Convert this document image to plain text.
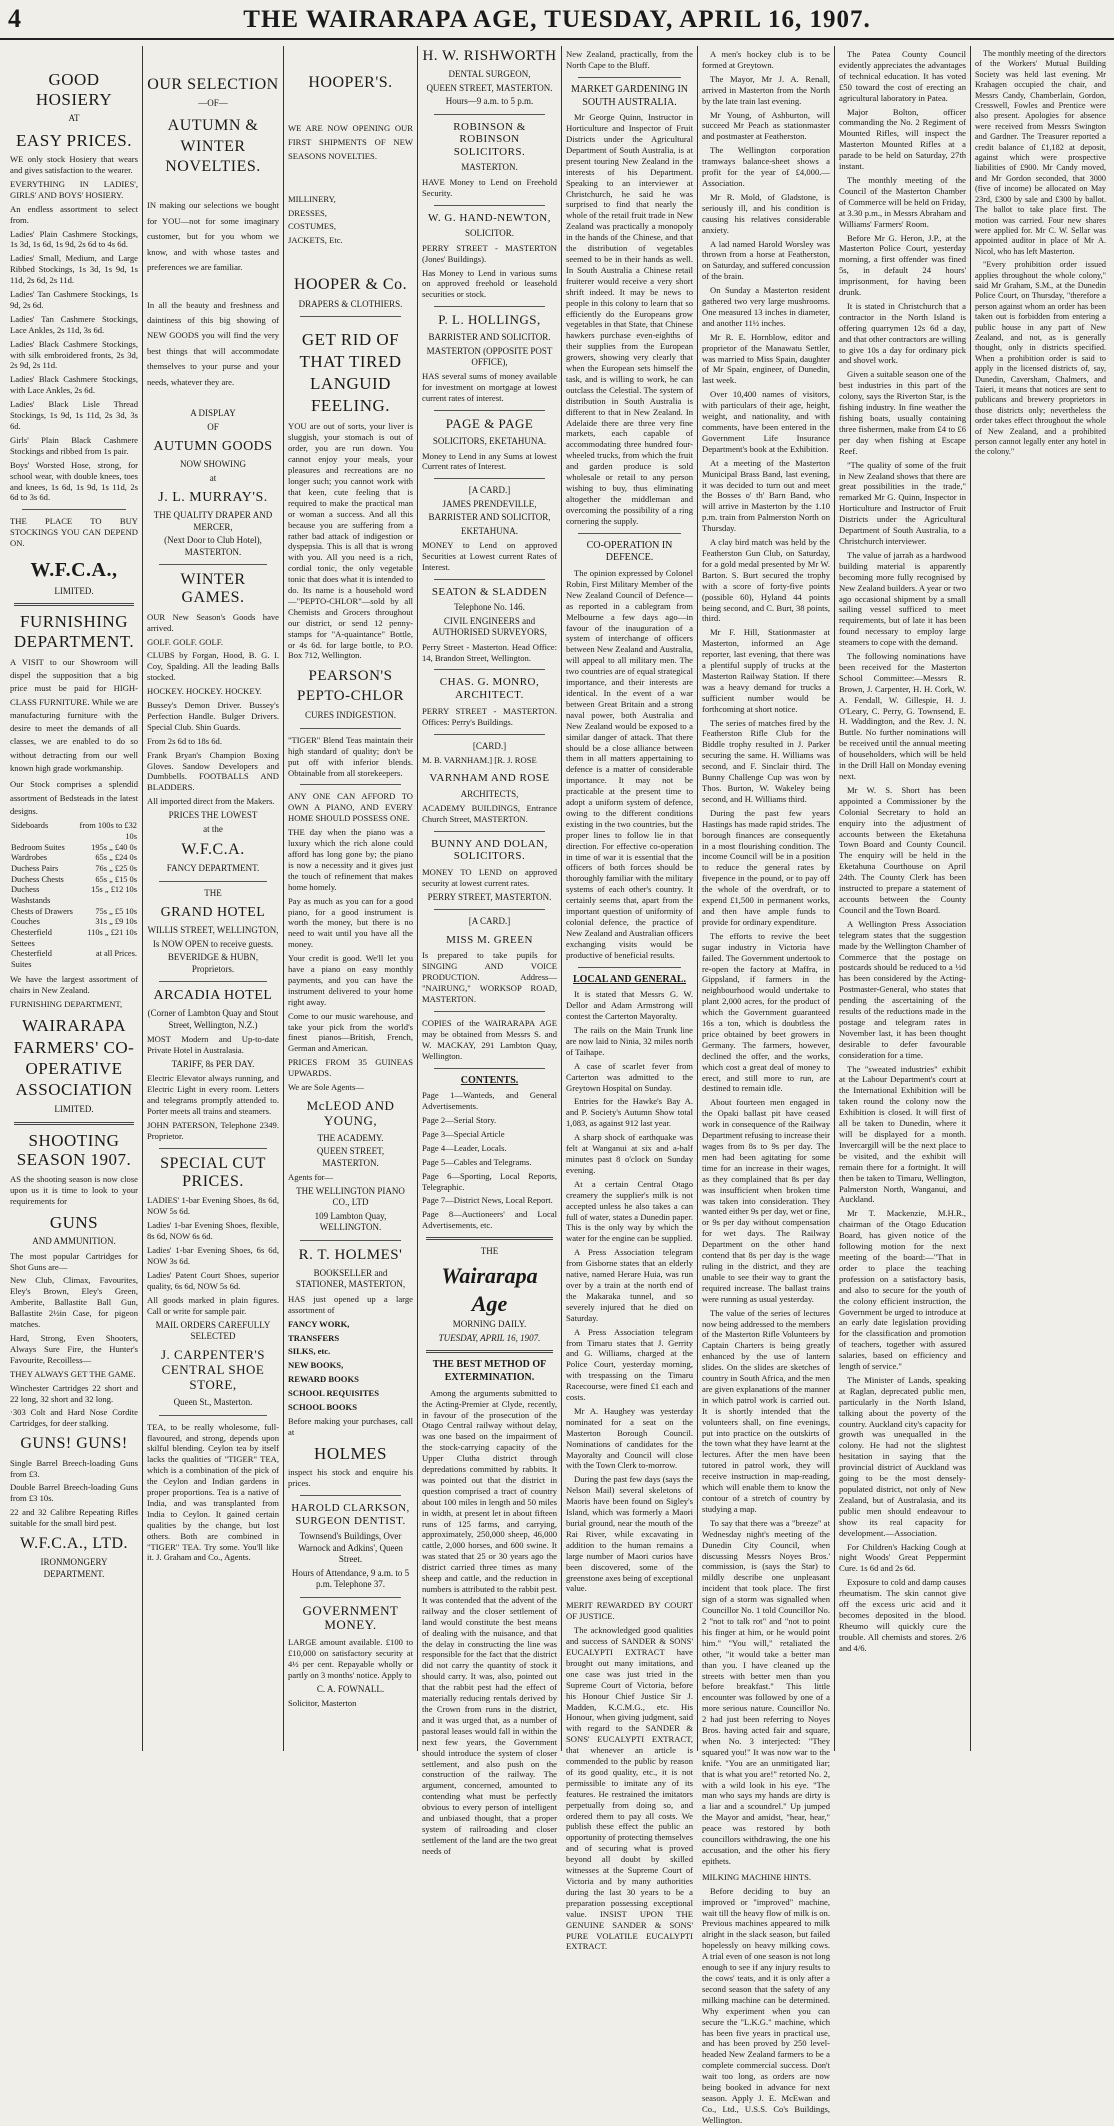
4	THE WAIRARAPA AGE, TUESDAY, APRIL 16, 1907.
GOOD HOSIERY
AT
EASY PRICES.
WE only stock Hosiery that wears and gives satisfaction to the wearer.
EVERYTHING IN LADIES', GIRLS' AND BOYS' HOSIERY.
An endless assortment to select from.
Ladies' Plain Cashmere Stockings, 1s 3d, 1s 6d, 1s 9d, 2s 6d to 4s 6d.
Ladies' Small, Medium, and Large Ribbed Stockings, 1s 3d, 1s 9d, 1s 11d, 2s 6d, 2s 11d.
Ladies' Tan Cashmere Stockings, 1s 9d, 2s 6d.
Ladies' Tan Cashmere Stockings, Lace Ankles, 2s 11d, 3s 6d.
Ladies' Black Cashmere Stockings, with silk embroidered fronts, 2s 3d, 2s 9d, 2s 11d.
Ladies' Black Cashmere Stockings, with Lace Ankles, 2s 6d.
Ladies' Black Lisle Thread Stockings, 1s 9d, 1s 11d, 2s 3d, 3s 6d.
Girls' Plain Black Cashmere Stockings and ribbed from 1s pair.
Boys' Worsted Hose, strong, for school wear, with double knees, toes and knees, 1s 6d, 1s 9d, 1s 11d, 2s 6d to 3s 6d.
THE PLACE TO BUY STOCKINGS YOU CAN DEPEND ON.
W.F.C.A.,
LIMITED.
FURNISHING DEPARTMENT.
A VISIT to our Showroom will dispel the supposition that a big price must be paid for HIGH-CLASS FURNITURE. While we are manufacturing furniture with the desire to meet the demands of all classes, we are enabled to do so without detracting from our well known high grade workmanship.
Our Stock comprises a splendid assortment of Bedsteads in the latest designs.
Sideboards	from 100s to £32 10s
Bedroom Suites	195s „ £40 0s
Wardrobes	65s „ £24 0s
Duchess Pairs	76s „ £25 0s
Duchess Chests	65s „ £15 0s
Duchess Washstands	15s „ £12 10s
Chests of Drawers	75s „ £5 10s
Couches	31s „ £9 10s
Chesterfield Settees	110s „ £21 10s
Chesterfield Suites	at all Prices.
We have the largest assortment of chairs in New Zealand.
FURNISHING DEPARTMENT,
WAIRARAPA FARMERS' CO-OPERATIVE ASSOCIATION
LIMITED.
SHOOTING SEASON 1907.
AS the shooting season is now close upon us it is time to look to your requirements for
GUNS
AND AMMUNITION.
The most popular Cartridges for Shot Guns are—
New Club, Climax, Favourites, Eley's Brown, Eley's Green, Amberite, Ballastite Ball Gun, Ballastite 2½in Case, for pigeon matches.
Hard, Strong, Even Shooters, Always Sure Fire, the Hunter's Favourite, Recoilless—
THEY ALWAYS GET THE GAME.
Winchester Cartridges 22 short and 22 long, 32 short and 32 long.
·303 Colt and Hard Nose Cordite Cartridges, for deer stalking.
GUNS! GUNS!
Single Barrel Breech-loading Guns from £3.
Double Barrel Breech-loading Guns from £3 10s.
22 and 32 Calibre Repeating Rifles suitable for the small bird pest.
W.F.C.A., LTD.
IRONMONGERY DEPARTMENT.
OUR SELECTION
—OF—
AUTUMN & WINTER NOVELTIES.
IN making our selections we bought for YOU—not for some imaginary customer, but for you whom we know, and with whose tastes and preferences we are familiar.
In all the beauty and freshness and daintiness of this big showing of NEW GOODS you will find the very best things that will accommodate themselves to your purse and your needs, whatever they are.
A DISPLAY
OF
AUTUMN GOODS
NOW SHOWING
at
J. L. MURRAY'S.
THE QUALITY DRAPER AND MERCER,
(Next Door to Club Hotel), MASTERTON.
WINTER GAMES.
OUR New Season's Goods have arrived.
GOLF. GOLF. GOLF.
CLUBS by Forgan, Hood, B. G. I. Coy, Spalding. All the leading Balls stocked.
HOCKEY. HOCKEY. HOCKEY.
Bussey's Demon Driver. Bussey's Perfection Handle. Bulger Drivers. Special Club. Shin Guards.
From 2s 6d to 18s 6d.
Frank Bryan's Champion Boxing Gloves. Sandow Developers and Dumbbells. FOOTBALLS AND BLADDERS.
All imported direct from the Makers.
PRICES THE LOWEST
at the
W.F.C.A.
FANCY DEPARTMENT.
THE
GRAND HOTEL
WILLIS STREET, WELLINGTON,
Is NOW OPEN to receive guests.
BEVERIDGE & HUBN, Proprietors.
ARCADIA HOTEL
(Corner of Lambton Quay and Stout Street, Wellington, N.Z.)
MOST Modern and Up-to-date Private Hotel in Australasia.
TARIFF, 8s PER DAY.
Electric Elevator always running, and Electric Light in every room. Letters and telegrams promptly attended to. Porter meets all trains and steamers.
JOHN PATERSON, Telephone 2349. Proprietor.
SPECIAL CUT PRICES.
LADIES' 1-bar Evening Shoes, 8s 6d, NOW 5s 6d.
Ladies' 1-bar Evening Shoes, flexible, 8s 6d, NOW 6s 6d.
Ladies' 1-bar Evening Shoes, 6s 6d, NOW 3s 6d.
Ladies' Patent Court Shoes, superior quality, 6s 6d, NOW 5s 6d.
All goods marked in plain figures. Call or write for sample pair.
MAIL ORDERS CAREFULLY SELECTED
J. CARPENTER'S CENTRAL SHOE STORE,
Queen St., Masterton.
TEA, to be really wholesome, full-flavoured, and strong, depends upon skilful blending. Ceylon tea by itself lacks the qualities of "TIGER" TEA, which is a combination of the pick of the Ceylon and Indian gardens in proper proportions. Tea is a native of India, and was transplanted from India to Ceylon. It gained certain qualities by the change, but lost others. Both are combined in "TIGER" TEA. Try some. You'll like it. J. Graham and Co., Agents.
HOOPER'S.
WE ARE NOW OPENING OUR FIRST SHIPMENTS OF NEW SEASONS NOVELTIES.
MILLINERY,
DRESSES,
COSTUMES,
JACKETS, Etc.
HOOPER & Co.
DRAPERS & CLOTHIERS.
GET RID OF THAT TIRED LANGUID FEELING.
YOU are out of sorts, your liver is sluggish, your stomach is out of order, you are run down. You cannot enjoy your meals, your pleasures and recreations are no longer such; you cannot work with that keen, cute feeling that is required to make the practical man or woman a success. And all this because you are suffering from a rather bad attack of indigestion or dyspepsia. This is all that is wrong with you. All you need is a rich, cordial tonic, the only vegetable tonic that does what it is intended to do. Its name is a household word—"PEPTO-CHLOR"—sold by all Chemists and Grocers throughout our district, or send 12 penny-stamps for "A-quaintance" Bottle, or 4s 6d. for large bottle, to P.O. Box 712, Wellington.
PEARSON'S PEPTO-CHLOR
CURES INDIGESTION.
"TIGER" Blend Teas maintain their high standard of quality; don't be put off with inferior blends. Obtainable from all storekeepers.
ANY ONE CAN AFFORD TO OWN A PIANO, AND EVERY HOME SHOULD POSSESS ONE.
THE day when the piano was a luxury which the rich alone could afford has long gone by; the piano is now a necessity and it gives just the touch of refinement that makes home homely.
Pay as much as you can for a good piano, for a good instrument is worth the money, but there is no need to wait until you have all the money.
Your credit is good. We'll let you have a piano on easy monthly payments, and you can have the instrument delivered to your home right away.
Come to our music warehouse, and take your pick from the world's finest pianos—British, French, German and American.
PRICES FROM 35 GUINEAS UPWARDS.
We are Sole Agents—
McLEOD AND YOUNG,
THE ACADEMY.
QUEEN STREET, MASTERTON.
Agents for—
THE WELLINGTON PIANO CO., LTD
109 Lambton Quay, WELLINGTON.
R. T. HOLMES'
BOOKSELLER and STATIONER, MASTERTON,
HAS just opened up a large assortment of
FANCY WORK,
TRANSFERS
SILKS, etc.
NEW BOOKS,
REWARD BOOKS
SCHOOL REQUISITES
SCHOOL BOOKS
Before making your purchases, call at
HOLMES
inspect his stock and enquire his prices.
HAROLD CLARKSON, SURGEON DENTIST.
Townsend's Buildings, Over Warnock and Adkins', Queen Street.
Hours of Attendance, 9 a.m. to 5 p.m. Telephone 37.
GOVERNMENT MONEY.
LARGE amount available. £100 to £10,000 on satisfactory security at 4½ per cent. Repayable wholly or partly on 3 months' notice. Apply to
C. A. FOWNALL.
Solicitor, Masterton
H. W. RISHWORTH
DENTAL SURGEON,
QUEEN STREET, MASTERTON.
Hours—9 a.m. to 5 p.m.
ROBINSON & ROBINSON SOLICITORS.
MASTERTON.
HAVE Money to Lend on Freehold Security.
W. G. HAND-NEWTON,
SOLICITOR.
PERRY STREET - MASTERTON (Jones' Buildings).
Has Money to Lend in various sums on approved freehold or leasehold securities or stock.
P. L. HOLLINGS,
BARRISTER AND SOLICITOR.
MASTERTON (OPPOSITE POST OFFICE),
HAS several sums of money available for investment on mortgage at lowest current rates of interest.
PAGE & PAGE
SOLICITORS, EKETAHUNA.
Money to Lend in any Sums at lowest Current rates of Interest.
[A CARD.]
JAMES PRENDEVILLE,
BARRISTER AND SOLICITOR,
EKETAHUNA.
MONEY to Lend on approved Securities at Lowest current Rates of Interest.
SEATON & SLADDEN
Telephone No. 146.
CIVIL ENGINEERS and AUTHORISED SURVEYORS,
Perry Street - Masterton. Head Office: 14, Brandon Street, Wellington.
CHAS. G. MONRO, ARCHITECT.
PERRY STREET - MASTERTON. Offices: Perry's Buildings.
[CARD.]
M. B. VARNHAM.] [R. J. ROSE
VARNHAM AND ROSE
ARCHITECTS,
ACADEMY BUILDINGS, Entrance Church Street, MASTERTON.
BUNNY AND DOLAN, SOLICITORS.
MONEY TO LEND on approved security at lowest current rates.
PERRY STREET, MASTERTON.
[A CARD.]
MISS M. GREEN
Is prepared to take pupils for SINGING AND VOICE PRODUCTION. Address— "NAIRUNG," WORKSOP ROAD, MASTERTON.
COPIES of the WAIRARAPA AGE may be obtained from Messrs S. and W. MACKAY, 291 Lambton Quay, Wellington.
CONTENTS.
Page 1—Wanteds, and General Advertisements.
Page 2—Serial Story.
Page 3—Special Article
Page 4—Leader, Locals.
Page 5—Cables and Telegrams.
Page 6—Sporting, Local Reports, Telegraphic.
Page 7—District News, Local Report.
Page 8—Auctioneers' and Local Advertisements, etc.
THE
Wairarapa Age
MORNING DAILY.
TUESDAY, APRIL 16, 1907.
THE BEST METHOD OF EXTERMINATION.
Among the arguments submitted to the Acting-Premier at Clyde, recently, in favour of the prosecution of the Otago Central railway without delay, was one based on the impairment of the stock-carrying capacity of the Upper Clutha district through depredations committed by rabbits. It was pointed out that the district in question comprised a tract of country about 100 miles in length and 50 miles in width, at present let in about fifteen runs of 125 farms, and carrying, approximately, 250,000 sheep, 46,000 cattle, 2,000 horses, and 600 swine. It was stated that 25 or 30 years ago the district carried three times as many sheep and cattle, and the reduction in numbers is attributed to the rabbit pest. It was contended that the advent of the railway and the closer settlement of land would constitute the best means of dealing with the nuisance, and that the delay in constructing the line was responsible for the fact that the district did not carry the quantity of stock it should carry. It was, also, pointed out that the rabbit pest had the effect of materially reducing rentals derived by the Crown from runs in the district, and it was urged that, as a number of pastoral leases would fall in within the next few years, the Government should introduce the system of closer settlement, and also push on the construction of the railway. The argument, concerned, amounted to contending what must be perfectly obvious to every person of intelligent and unbiased thought, that a proper system of railroading and closer settlement of the land are the two great needs of
New Zealand, practically, from the North Cape to the Bluff.
MARKET GARDENING IN SOUTH AUSTRALIA.
Mr George Quinn, Instructor in Horticulture and Inspector of Fruit Districts under the Agricultural Department of South Australia, is at present touring New Zealand in the interests of his Department. Speaking to an interviewer at Christchurch, he said he was surprised to find that nearly the whole of the retail fruit trade in New Zealand was practically a monopoly in the hands of the Chinese, and that the distribution of vegetables seemed to be in their hands as well. In South Australia a Chinese retail fruiterer would receive a very short shrift indeed. It may be news to people in this colony to learn that so efficiently do the Europeans grow vegetables in that State, that Chinese hawkers purchase even-eighths of their supplies from the European growers, showing very clearly that when the European sets himself the task, and is willing to work, he can outclass the Celestial. The system of distribution in South Australia is different to that in New Zealand. In Adelaide there are three very fine markets, each capable of accommodating three hundred four-wheeled trucks, from which the fruit and garden produce is sold wholesale or retail to any person wishing to buy, thus eliminating altogether the middleman and overcoming the possibility of a ring cornering the supply.
CO-OPERATION IN DEFENCE.
The opinion expressed by Colonel Robin, First Military Member of the New Zealand Council of Defence—as reported in a cablegram from Melbourne a few days ago—in favour of the inauguration of a system of interchange of officers between New Zealand and Australia, will appeal to all military men. The two countries are of equal strategical importance, and their interests are identical. In the event of a war between Great Britain and a strong naval power, both Australia and New Zealand would be exposed to a similar danger of attack. That there should be a close alliance between them in all matters appertaining to defence is a matter of considerable importance. It may not be practicable at the present time to adopt a uniform system of defence, owing to the different conditions existing in the two countries, but the proper lines to follow lie in that direction. For effective co-operation in time of war it is essential that the officers of both forces should be thoroughly familiar with the military systems of each other's country. It certainly seems that, apart from the important question of uniformity of colonial defence, the practice of New Zealand and Australian officers exchanging visits would be productive of beneficial results.
LOCAL AND GENERAL.
It is stated that Messrs G. W. Dellor and Adam Armstrong will contest the Carterton Mayoralty.
The rails on the Main Trunk line are now laid to Ninia, 32 miles north of Taihape.
A case of scarlet fever from Carterton was admitted to the Greytown Hospital on Sunday.
Entries for the Hawke's Bay A. and P. Society's Autumn Show total 1,083, as against 912 last year.
A sharp shock of earthquake was felt at Wanganui at six and a-half minutes past 8 o'clock on Sunday evening.
At a certain Central Otago creamery the supplier's milk is not accepted unless he also takes a can full of water, states a Dunedin paper. This is the only way by which the water for the engine can be supplied.
A Press Association telegram from Gisborne states that an elderly native, named Herare Huia, was run over by a train at the north end of the Makaraka tunnel, and so severely injured that he died on Saturday.
A Press Association telegram from Timaru states that J. Gerrity and G. Williams, charged at the Police Court, yesterday morning, with trespassing on the Timaru Racecourse, were fined £1 each and costs.
Mr A. Haughey was yesterday nominated for a seat on the Masterton Borough Council. Nominations of candidates for the Mayoralty and Council will close with the Town Clerk to-morrow.
During the past few days (says the Nelson Mail) several skeletons of Maoris have been found on Sigley's Island, which was formerly a Maori burial ground, near the mouth of the Rai River, while excavating in addition to the human remains a large number of Maori curios have been discovered, some of the greenstone axes being of exceptional value.
MERIT REWARDED BY COURT OF JUSTICE.
The acknowledged good qualities and success of SANDER & SONS' EUCALYPTI EXTRACT have brought out many imitations, and one case was just tried in the Supreme Court of Victoria, before his Honour Chief Justice Sir J. Madden, K.C.M.G., etc. His Honour, when giving judgment, said with regard to the SANDER & SONS' EUCALYPTI EXTRACT, that whenever an article is commended to the public by reason of its good quality, etc., it is not permissible to imitate any of its features. He restrained the imitators perpetually from doing so, and ordered them to pay all costs. We publish these effect the public an opportunity of protecting themselves and of securing what is proved beyond all doubt by skilled witnesses at the Supreme Court of Victoria and by many authorities during the last 30 years to be a preparation possessing exceptional value. INSIST UPON THE GENUINE SANDER & SONS' PURE VOLATILE EUCALYPTI EXTRACT.
A men's hockey club is to be formed at Greytown.
The Mayor, Mr J. A. Renall, arrived in Masterton from the North by the late train last evening.
Mr Young, of Ashburton, will succeed Mr Peach as stationmaster and postmaster at Featherston.
The Wellington corporation tramways balance-sheet shows a profit for the year of £4,000.—Association.
Mr R. Mold, of Gladstone, is seriously ill, and his condition is causing his relatives considerable anxiety.
A lad named Harold Worsley was thrown from a horse at Featherston, on Saturday, and suffered concussion of the brain.
On Sunday a Masterton resident gathered two very large mushrooms. One measured 13 inches in diameter, and another 11½ inches.
Mr R. E. Hornblow, editor and proprietor of the Manawatu Settler, was married to Miss Spain, daughter of Mr Spain, engineer, of Dunedin, last week.
Over 10,400 names of visitors, with particulars of their age, height, weight, and nationality, and with comments, have been entered in the Government Life Insurance Department's book at the Exhibition.
At a meeting of the Masterton Municipal Brass Band, last evening, it was decided to turn out and meet the Bosses o' th' Barn Band, who will arrive in Masterton by the 1.10 p.m. train from Palmerston North on Thursday.
A clay bird match was held by the Featherston Gun Club, on Saturday, for a gold medal presented by Mr W. Barton. S. Burt secured the trophy with a score of forty-five points (possible 60), Hyland 44 points being second, and C. Burt, 38 points, third.
Mr F. Hill, Stationmaster at Masterton, informed an Age reporter, last evening, that there was a plentiful supply of trucks at the Masterton Railway Station. If there was a heavy demand for trucks a sufficient number would be forthcoming at short notice.
The series of matches fired by the Featherston Rifle Club for the Biddle trophy resulted in J. Parker securing the same. H. Williams was second, and F. Sinclair third. The Bunny Challenge Cup was won by Thos. Burton, W. Wakeley being second, and H. Williams third.
During the past few years Hastings has made rapid strides. The borough finances are consequently in a most flourishing condition. The income Council will be in a position to reduce the general rates by fivepence in the pound, or to pay off the whole of the overdraft, or to expend £1,500 in permanent works, and then have ample funds to provide for ordinary expenditure.
The efforts to revive the beet sugar industry in Victoria have failed. The Government undertook to re-open the factory at Maffra, in Gippsland, if farmers in the neighbourhood would undertake to plant 2,000 acres, for the product of which the Government guaranteed 16s a ton, which is doubtless the price obtained by beet growers in Germany. The farmers, however, declined the offer, and the works, which cost a great deal of money to erect, and still more to run, are destined to remain idle.
About fourteen men engaged in the Opaki ballast pit have ceased work in consequence of the Railway Department refusing to increase their wages from 8s to 9s per day. The men had been agitating for some time for an increase in their wages, as they complained that 8s per day was insufficient when broken time was taken into consideration. They wanted either 9s per day, wet or fine, or 9s per day without compensation for wet days. The Railway Department on the other hand contend that 8s per day is the wage ruling in the district, and they are unable to see their way to grant the required increase. The ballast trains were running as usual yesterday.
The value of the series of lectures now being addressed to the members of the Masterton Rifle Volunteers by Captain Charters is being greatly enhanced by the use of lantern slides. On the slides are sketches of country in South Africa, and the men are given explanations of the manner in which patrol work is carried out. It is shortly intended that the volunteers shall, on fine evenings, put into practice on the outskirts of the town what they have learnt at the lectures. After the men have been tutored in patrol work, they will receive instruction in map-reading, which will enable them to know the contour of a stretch of country by studying a map.
To say that there was a "breeze" at Wednesday night's meeting of the Dunedin City Council, when discussing Messrs Noyes Bros.' commission, is (says the Star) to mildly describe one unpleasant incident that took place. The first sign of a storm was signalled when Councillor No. 1 told Councillor No. 2 "not to talk rot" and "not to point his finger at him, or he would point him." "You will," retaliated the other, "it would take a better man than you. I have cleaned up the streets with better men than you before breakfast." This little encounter was followed by one of a more serious nature. Councillor No. 2 had just been referring to Noyes Bros. having acted fair and square, when No. 3 interjected: "They squared you!" It was now war to the knife. "You are an unmitigated liar; that is what you are!" retorted No. 2, with a wild look in his eye. "The man who says my hands are dirty is a liar and a scoundrel." Up jumped the Mayor and amidst, "hear, hear," peace was restored by both councillors withdrawing, the one his accusation, and the other his fiery epithets.
MILKING MACHINE HINTS.
Before deciding to buy an improved or "improved" machine, wait till the heavy flow of milk is on. Previous machines appeared to milk alright in the slack season, but failed hopelessly on heavy milking cows. A trial even of one season is not long enough to see if any injury results to the cows' teats, and it is only after a second season that the safety of any milking machine can be determined. Why experiment when you can secure the "L.K.G." machine, which has been five years in practical use, and has been proved by 250 level-headed New Zealand farmers to be a complete commercial success. Don't wait too long, as orders are now being booked in advance for next season. Apply J. E. McEwan and Co., Ltd., U.S.S. Co's Buildings, Wellington.
The Patea County Council evidently appreciates the advantages of technical education. It has voted £50 toward the cost of erecting an agricultural laboratory in Patea.
Major Bolton, officer commanding the No. 2 Regiment of Mounted Rifles, will inspect the Masterton Mounted Rifles at a parade to be held on Saturday, 27th instant.
The monthly meeting of the Council of the Masterton Chamber of Commerce will be held on Friday, at 3.30 p.m., in Messrs Abraham and Williams' Farmers' Room.
Before Mr G. Heron, J.P., at the Masterton Police Court, yesterday morning, a first offender was fined 5s, in default 24 hours' imprisonment, for having been drunk.
It is stated in Christchurch that a contractor in the North Island is offering quarrymen 12s 6d a day, and that other contractors are willing to give 10s a day for ordinary pick and shovel work.
Given a suitable season one of the best industries in this part of the colony, says the Riverton Star, is the fishing industry. In fine weather the fishing boats, usually containing three fishermen, make from £4 to £6 per day when fishing at Escape Reef.
"The quality of some of the fruit in New Zealand shows that there are great possibilities in the trade," remarked Mr G. Quinn, Inspector in Horticulture and Instructor of Fruit Districts under the Agricultural Department of South Australia, to a Christchurch interviewer.
The value of jarrah as a hardwood building material is apparently becoming more fully recognised by New Zealand builders. A year or two ago occasional shipment by a small sailing vessel sufficed to meet requirements, but of late it has been found necessary to employ large steamers to cope with the demand.
The following nominations have been received for the Masterton School Committee:—Messrs R. Brown, J. Carpenter, H. H. Cork, W. A. Fendall, W. Gillespie, H. J. O'Leary, C. Perry, G. Townsend, E. H. Waddington, and the Rev. J. N. Buttle. No further nominations will be received until the annual meeting of householders, which will be held in the Drill Hall on Monday evening next.
Mr W. S. Short has been appointed a Commissioner by the Colonial Secretary to hold an enquiry into the adjustment of accounts between the Eketahuna Town Board and County Council. The enquiry will be held in the Eketahuna Courthouse on April 24th. The County Clerk has been instructed to prepare a statement of accounts between the County Council and the Town Board.
A Wellington Press Association telegram states that the suggestion made by the Wellington Chamber of Commerce that the postage on postcards should be reduced to a ½d has been considered by the Acting-Postmaster-General, who states that pending the ascertaining of the results of the reductions made in the postage and telegram rates in November last, it has been thought desirable to defer favourable consideration for a time.
The "sweated industries" exhibit at the Labour Department's court at the International Exhibition will be taken round the colony now the Exhibition is closed. It will first of all be taken to Dunedin, where it will be displayed for a month. Invercargill will be the next place to be visited, and the exhibit will remain there for a fortnight. It will then be taken to Timaru, Wellington, Palmerston North, Wanganui, and Auckland.
Mr T. Mackenzie, M.H.R., chairman of the Otago Education Board, has given notice of the following motion for the next meeting of the board:—"That in order to place the teaching profession on a satisfactory basis, and also to secure for the youth of the colony efficient instruction, the Government be urged to introduce at an early date legislation providing for the classification and promotion of teachers, together with assured salaries, based on efficiency and length of service."
The Minister of Lands, speaking at Raglan, deprecated public men, particularly in the North Island, talking about the poverty of the country. Auckland city's capacity for growth was unequalled in the colony. He had not the slightest hesitation in saying that the provincial district of Auckland was going to be the most densely-populated district, not only of New Zealand, but of Australasia, and its public men should endeavour to show its real capacity for development.—Association.
For Children's Hacking Cough at night Woods' Great Peppermint Cure. 1s 6d and 2s 6d.
Exposure to cold and damp causes rheumatism. The skin cannot give off the excess uric acid and it becomes deposited in the blood. Rheumo will quickly cure the trouble. All chemists and stores. 2/6 and 4/6.
The monthly meeting of the directors of the Workers' Mutual Building Society was held last evening. Mr Krahagen occupied the chair, and Messrs Candy, Chamberlain, Gordon, Cresswell, Fowles and Prentice were also present. Apologies for absence were received from Messrs Swington and Gardner. The Treasurer reported a credit balance of £1,182 at deposit, against which were prospective liabilities of £900. Mr Candy moved, and Mr Gordon seconded, that 3000 (five of income) be allocated on May 23rd, £300 by sale and £300 by ballot. The ballot to take place first. The motion was carried. Four new shares were applied for. Mr C. W. Sellar was appointed auditor in place of Mr A. Nicol, who has left Masterton.
"Every prohibition order issued applies throughout the whole colony," said Mr Graham, S.M., at the Dunedin Police Court, on Thursday, "therefore a person against whom an order has been taken out is forbidden from entering a public house in any part of New Zealand, and not, as is generally thought, only in districts specified. When a prohibition order is said to apply in the licensed districts of, say, Dunedin, Caversham, Chalmers, and Taieri, it means that notices are sent to publicans and brewery proprietors in those districts only; nevertheless the order takes effect throughout the whole of New Zealand, and a prohibited person cannot legally enter any hotel in the colony."
